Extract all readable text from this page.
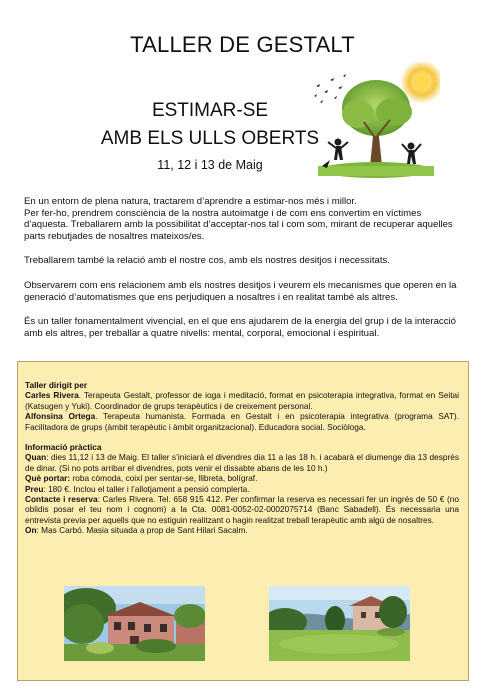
TALLER DE GESTALT
ESTIMAR-SE
AMB ELS ULLS OBERTS
11, 12 i 13 de Maig

En un entorn de plena natura, tractarem d’aprendre a estimar-nos més i millor.
Per fer-ho, prendrem consciència de la nostra autoimatge i de com ens convertim en víctimes d’aquesta. Treballarem amb la possibilitat d’acceptar-nos tal i com som, mirant de recuperar aquelles parts rebutjades de nosaltres mateixos/es.

Treballarem també la relació amb el nostre cos, amb els nostres desitjos i necessitats.

Observarem com ens relacionem amb els nostres desitjos i veurem els mecanismes que operen en la generació d’automatismes que ens perjudiquen a nosaltres i en realitat també als altres.

És un taller fonamentalment vivencial, en el que ens ajudarem de la energia del grup i de la interacció amb els altres, per treballar a quatre nivells: mental, corporal, emocional i espiritual.

Taller dirigit per

Carles Rivera. Terapeuta Gestalt, professor de ioga i meditació, format en psicoterapia integrativa, format en Seitai (Katsugen y Yuki). Coordinador de grups terapèutics i de creixement personal.

Alfonsina Ortega. Terapeuta humanista. Formada en Gestalt i en psicoterapia integrativa (programa SAT). Facilitadora de grups (àmbit terapèutic i àmbit organitzacional). Educadora social. Sociòloga.

Informació pràctica

Quan: dies 11,12 i 13 de Maig. El taller s’iniciarà el divendres dia 11 a las 18 h. i acabarà el diumenge dia 13 desprès de dinar. (Si no pots arribar el divendres, pots venir el dissabte abans de les 10 h.)

Què portar: roba còmoda, coixí per sentar-se, llibreta, bolígraf.

Preu: 180 €. Inclou el taller i l’allotjament a pensió complerta.

Contacte i reserva: Carles Rivera. Tel. 658 915 412. Per confirmar la reserva es necessari fer un ingrés de 50 € (no oblidis posar el teu nom i cognom) a la Cta. 0081-0052-02-0002075714 (Banc Sabadell). És necessaria una entrevista previa per aquells que no estiguin realitzant o hagin realitzat treball terapèutic amb algú de nosaltres.

On: Mas Carbó. Masia situada a prop de Sant Hilari Sacalm.
